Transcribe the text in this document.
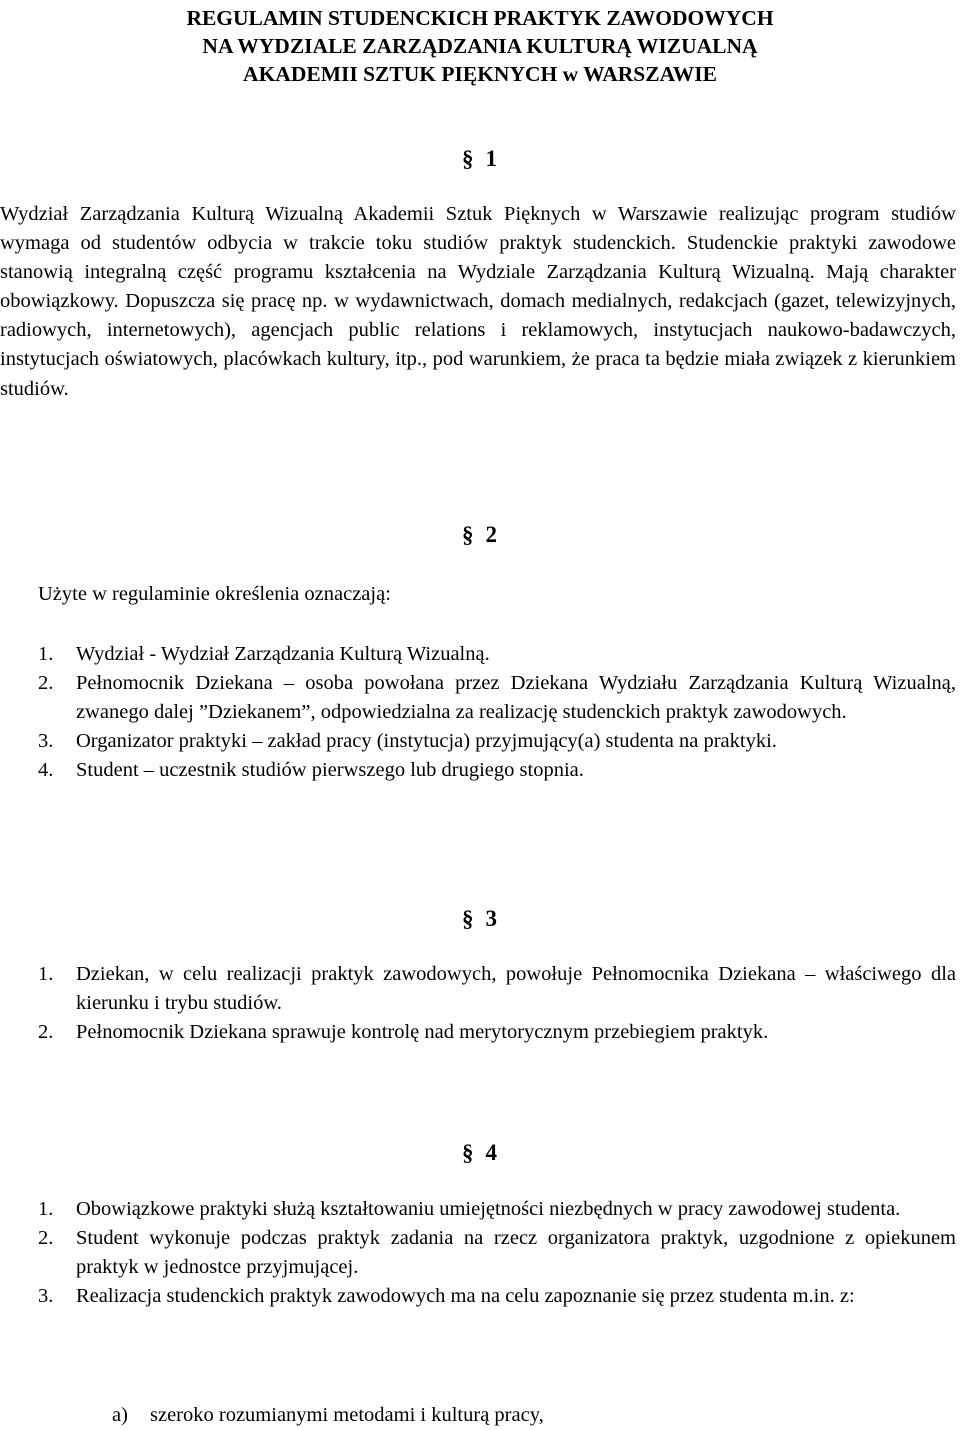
REGULAMIN STUDENCKICH PRAKTYK ZAWODOWYCH
NA WYDZIALE ZARZĄDZANIA KULTURĄ WIZUALNĄ
AKADEMII SZTUK PIĘKNYCH w WARSZAWIE
§ 1
Wydział Zarządzania Kulturą Wizualną Akademii Sztuk Pięknych w Warszawie realizując program studiów wymaga od studentów odbycia w trakcie toku studiów praktyk studenckich. Studenckie praktyki zawodowe stanowią integralną część programu kształcenia na Wydziale Zarządzania Kulturą Wizualną. Mają charakter obowiązkowy. Dopuszcza się pracę np. w wydawnictwach, domach medialnych, redakcjach (gazet, telewizyjnych, radiowych, internetowych), agencjach public relations i reklamowych, instytucjach naukowo-badawczych, instytucjach oświatowych, placówkach kultury, itp., pod warunkiem, że praca ta będzie miała związek z kierunkiem studiów.
§ 2
Użyte w regulaminie określenia oznaczają:
1. Wydział - Wydział Zarządzania Kulturą Wizualną.
2. Pełnomocnik Dziekana – osoba powołana przez Dziekana Wydziału Zarządzania Kulturą Wizualną, zwanego dalej ”Dziekanem”, odpowiedzialna za realizację studenckich praktyk zawodowych.
3. Organizator praktyki – zakład pracy (instytucja) przyjmujący(a) studenta na praktyki.
4. Student – uczestnik studiów pierwszego lub drugiego stopnia.
§ 3
1. Dziekan, w celu realizacji praktyk zawodowych, powołuje Pełnomocnika Dziekana – właściwego dla kierunku i trybu studiów.
2. Pełnomocnik Dziekana sprawuje kontrolę nad merytorycznym przebiegiem praktyk.
§ 4
1. Obowiązkowe praktyki służą kształtowaniu umiejętności niezbędnych w pracy zawodowej studenta.
2. Student wykonuje podczas praktyk zadania na rzecz organizatora praktyk, uzgodnione z opiekunem praktyk w jednostce przyjmującej.
3. Realizacja studenckich praktyk zawodowych ma na celu zapoznanie się przez studenta m.in. z:
a) szeroko rozumianymi metodami i kulturą pracy,
